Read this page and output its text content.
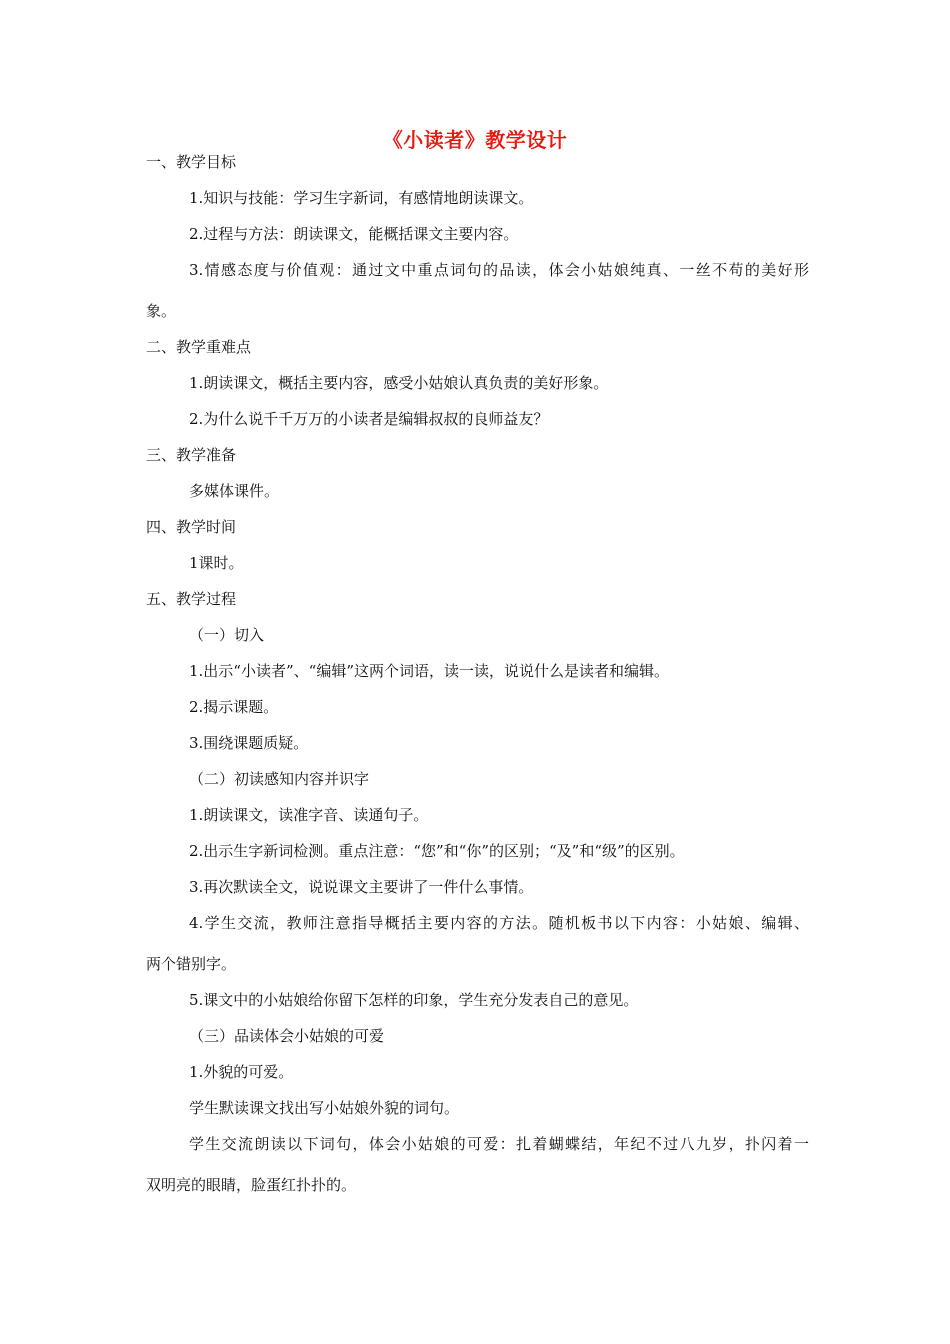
《小读者》教学设计
一、教学目标
1.知识与技能：学习生字新词，有感情地朗读课文。
2.过程与方法：朗读课文，能概括课文主要内容。
3.情感态度与价值观：通过文中重点词句的品读，体会小姑娘纯真、一丝不苟的美好形
象。
二、教学重难点
1.朗读课文，概括主要内容，感受小姑娘认真负责的美好形象。
2.为什么说千千万万的小读者是编辑叔叔的良师益友？
三、教学准备
多媒体课件。
四、教学时间
1课时。
五、教学过程
（一）切入
1.出示“小读者”、“编辑”这两个词语，读一读，说说什么是读者和编辑。
2.揭示课题。
3.围绕课题质疑。
（二）初读感知内容并识字
1.朗读课文，读准字音、读通句子。
2.出示生字新词检测。重点注意：“您”和“你”的区别；“及”和“级”的区别。
3.再次默读全文，说说课文主要讲了一件什么事情。
4.学生交流，教师注意指导概括主要内容的方法。随机板书以下内容：小姑娘、编辑、
两个错别字。
5.课文中的小姑娘给你留下怎样的印象，学生充分发表自己的意见。
（三）品读体会小姑娘的可爱
1.外貌的可爱。
学生默读课文找出写小姑娘外貌的词句。
学生交流朗读以下词句，体会小姑娘的可爱：扎着蝴蝶结，年纪不过八九岁，扑闪着一
双明亮的眼睛，脸蛋红扑扑的。
